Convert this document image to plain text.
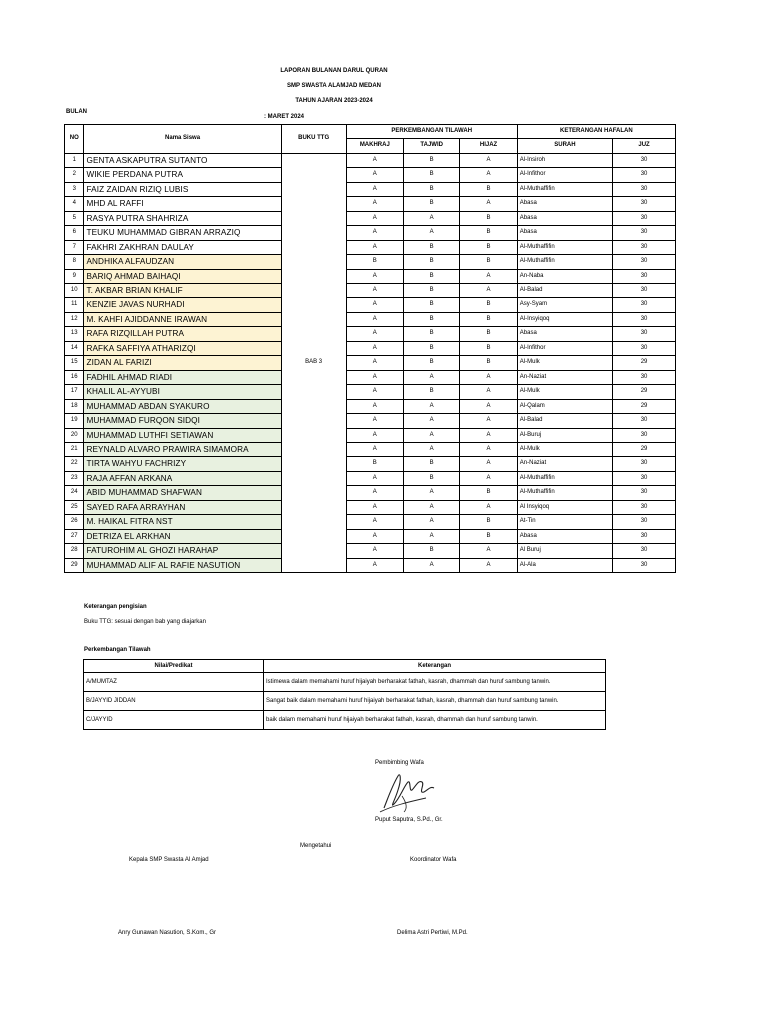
LAPORAN BULANAN DARUL QURAN
SMP SWASTA ALAMJAD MEDAN
TAHUN AJARAN 2023-2024
BULAN
: MARET 2024
NO	Nama Siswa	BUKU TTG	PERKEMBANGAN TILAWAH			KETERANGAN HAFALAN	
			MAKHRAJ	TAJWID	HIJAZ	SURAH	JUZ
1	GENTA ASKAPUTRA SUTANTO	BAB 3	A	B	A	Al-Insiroh	30
2	WIKIE PERDANA PUTRA		A	B	A	Al-Infithor	30
3	FAIZ ZAIDAN RIZIQ LUBIS		A	B	B	Al-Muthaffifin	30
4	MHD AL RAFFI		A	B	A	Abasa	30
5	RASYA PUTRA SHAHRIZA		A	A	B	Abasa	30
6	TEUKU MUHAMMAD GIBRAN ARRAZIQ		A	A	B	Abasa	30
7	FAKHRI ZAKHRAN DAULAY		A	B	B	Al-Muthaffifin	30
8	ANDHIKA ALFAUDZAN		B	B	B	Al-Muthaffifin	30
9	BARIQ AHMAD BAIHAQI		A	B	A	An-Naba	30
10	T. AKBAR BRIAN KHALIF		A	B	A	Al-Balad	30
11	KENZIE JAVAS NURHADI		A	B	B	Asy-Syam	30
12	M. KAHFI AJIDDANNE IRAWAN		A	B	B	Al-Insyiqoq	30
13	RAFA RIZQILLAH PUTRA		A	B	B	Abasa	30
14	RAFKA SAFFIYA ATHARIZQI		A	B	B	Al-Infithor	30
15	ZIDAN AL FARIZI		A	B	B	Al-Mulk	29
16	FADHIL AHMAD RIADI		A	A	A	An-Naziat	30
17	KHALIL AL-AYYUBI		A	B	A	Al-Mulk	29
18	MUHAMMAD ABDAN SYAKURO		A	A	A	Al-Qalam	29
19	MUHAMMAD FURQON SIDQI		A	A	A	Al-Balad	30
20	MUHAMMAD LUTHFI SETIAWAN		A	A	A	Al-Buruj	30
21	REYNALD ALVARO PRAWIRA SIMAMORA		A	A	A	Al-Mulk	29
22	TIRTA WAHYU FACHRIZY		B	B	A	An-Naziat	30
23	RAJA AFFAN ARKANA		A	B	A	Al-Muthaffifin	30
24	ABID MUHAMMAD SHAFWAN		A	A	B	Al-Muthaffifin	30
25	SAYED RAFA ARRAYHAN		A	A	A	Al Insyiqoq	30
26	M. HAIKAL FITRA NST		A	A	B	At-Tin	30
27	DETRIZA EL ARKHAN		A	A	B	Abasa	30
28	FATUROHIM AL GHOZI HARAHAP		A	B	A	Al Buruj	30
29	MUHAMMAD ALIF AL RAFIE NASUTION		A	A	A	Al-Ala	30
Keterangan pengisian
Buku TTG: sesuai dengan bab yang diajarkan
Perkembangan Tilawah
Nilai/Predikat	Keterangan
A/MUMTAZ	Istimewa dalam memahami huruf hijaiyah berharakat fathah, kasrah, dhammah dan huruf sambung tanwin.
B/JAYYID JIDDAN	Sangat baik dalam memahami huruf hijaiyah berharakat fathah, kasrah, dhammah dan huruf sambung tanwin.
C/JAYYID	baik dalam memahami huruf hijaiyah berharakat fathah, kasrah, dhammah dan huruf sambung tanwin.
Pembimbing Wafa
Puput Saputra, S.Pd., Gr.
Mengetahui
Kepala SMP Swasta Al Amjad	Koordinator Wafa
Anry Gunawan Nasution, S.Kom., Gr	Delima Astri Pertiwi, M.Pd.
